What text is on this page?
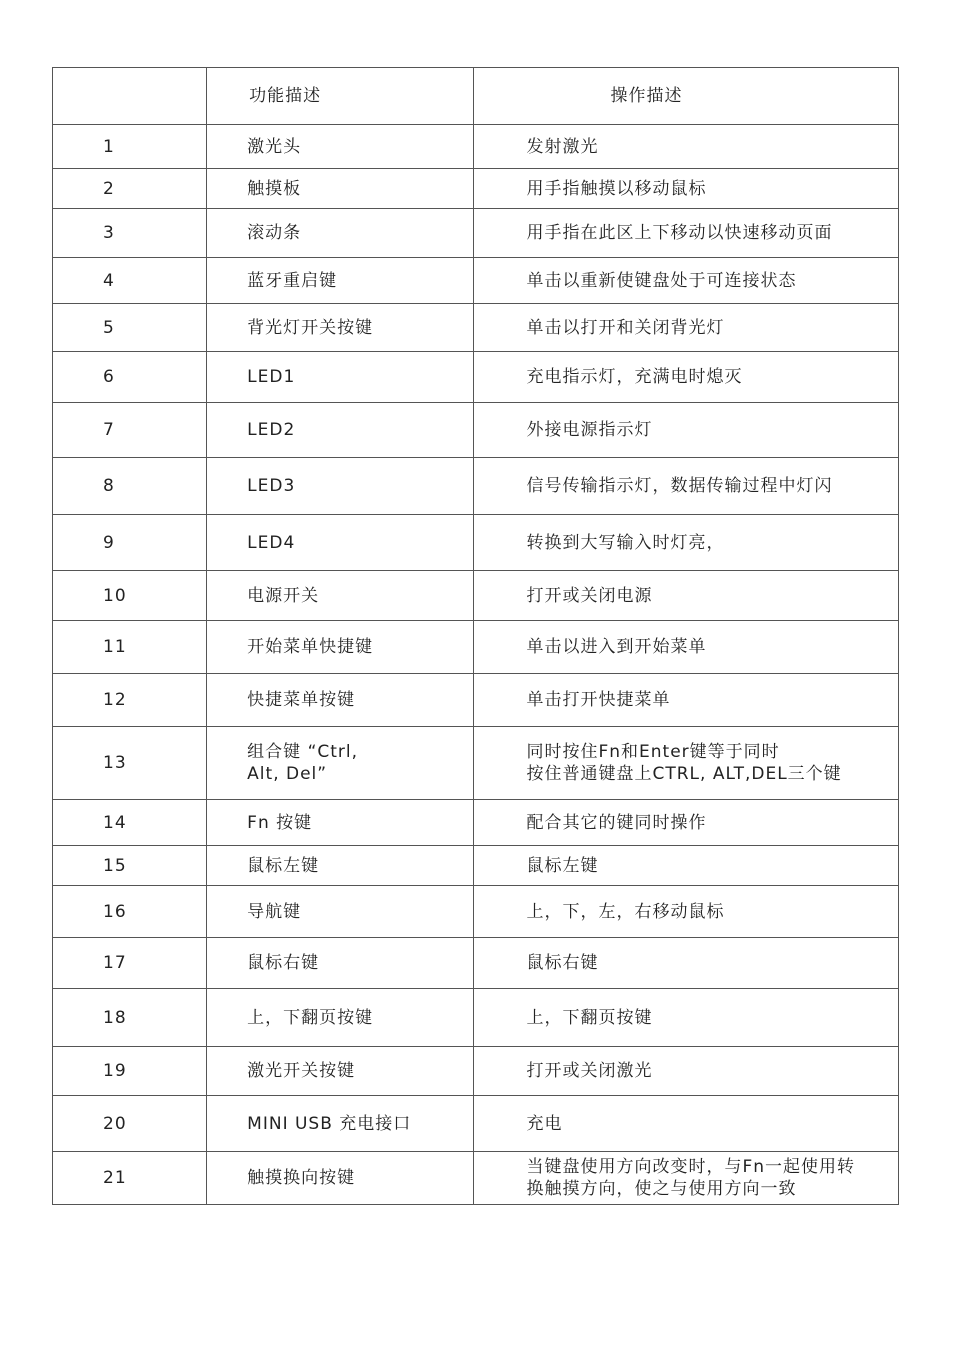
	功能描述	操作描述

1	激光头	发射激光

2	触摸板	用手指触摸以移动鼠标

3	滚动条	用手指在此区上下移动以快速移动页面

4	蓝牙重启键	单击以重新使键盘处于可连接状态

5	背光灯开关按键	单击以打开和关闭背光灯

6	LED1	充电指示灯，充满电时熄灭

7	LED2	外接电源指示灯

8	LED3	信号传输指示灯，数据传输过程中灯闪

9	LED4	转换到大写输入时灯亮，

10	电源开关	打开或关闭电源

11	开始菜单快捷键	单击以进入到开始菜单

12	快捷菜单按键	单击打开快捷菜单

13	组合键 “Ctrl,
Alt, Del”	同时按住Fn和Enter键等于同时
按住普通键盘上CTRL, ALT,DEL三个键

14	Fn 按键	配合其它的键同时操作

15	鼠标左键	鼠标左键

16	导航键	上，下，左，右移动鼠标

17	鼠标右键	鼠标右键

18	上，下翻页按键	上，下翻页按键

19	激光开关按键	打开或关闭激光

20	MINI USB 充电接口	充电

21	触摸换向按键	当键盘使用方向改变时，与Fn一起使用转
换触摸方向，使之与使用方向一致
